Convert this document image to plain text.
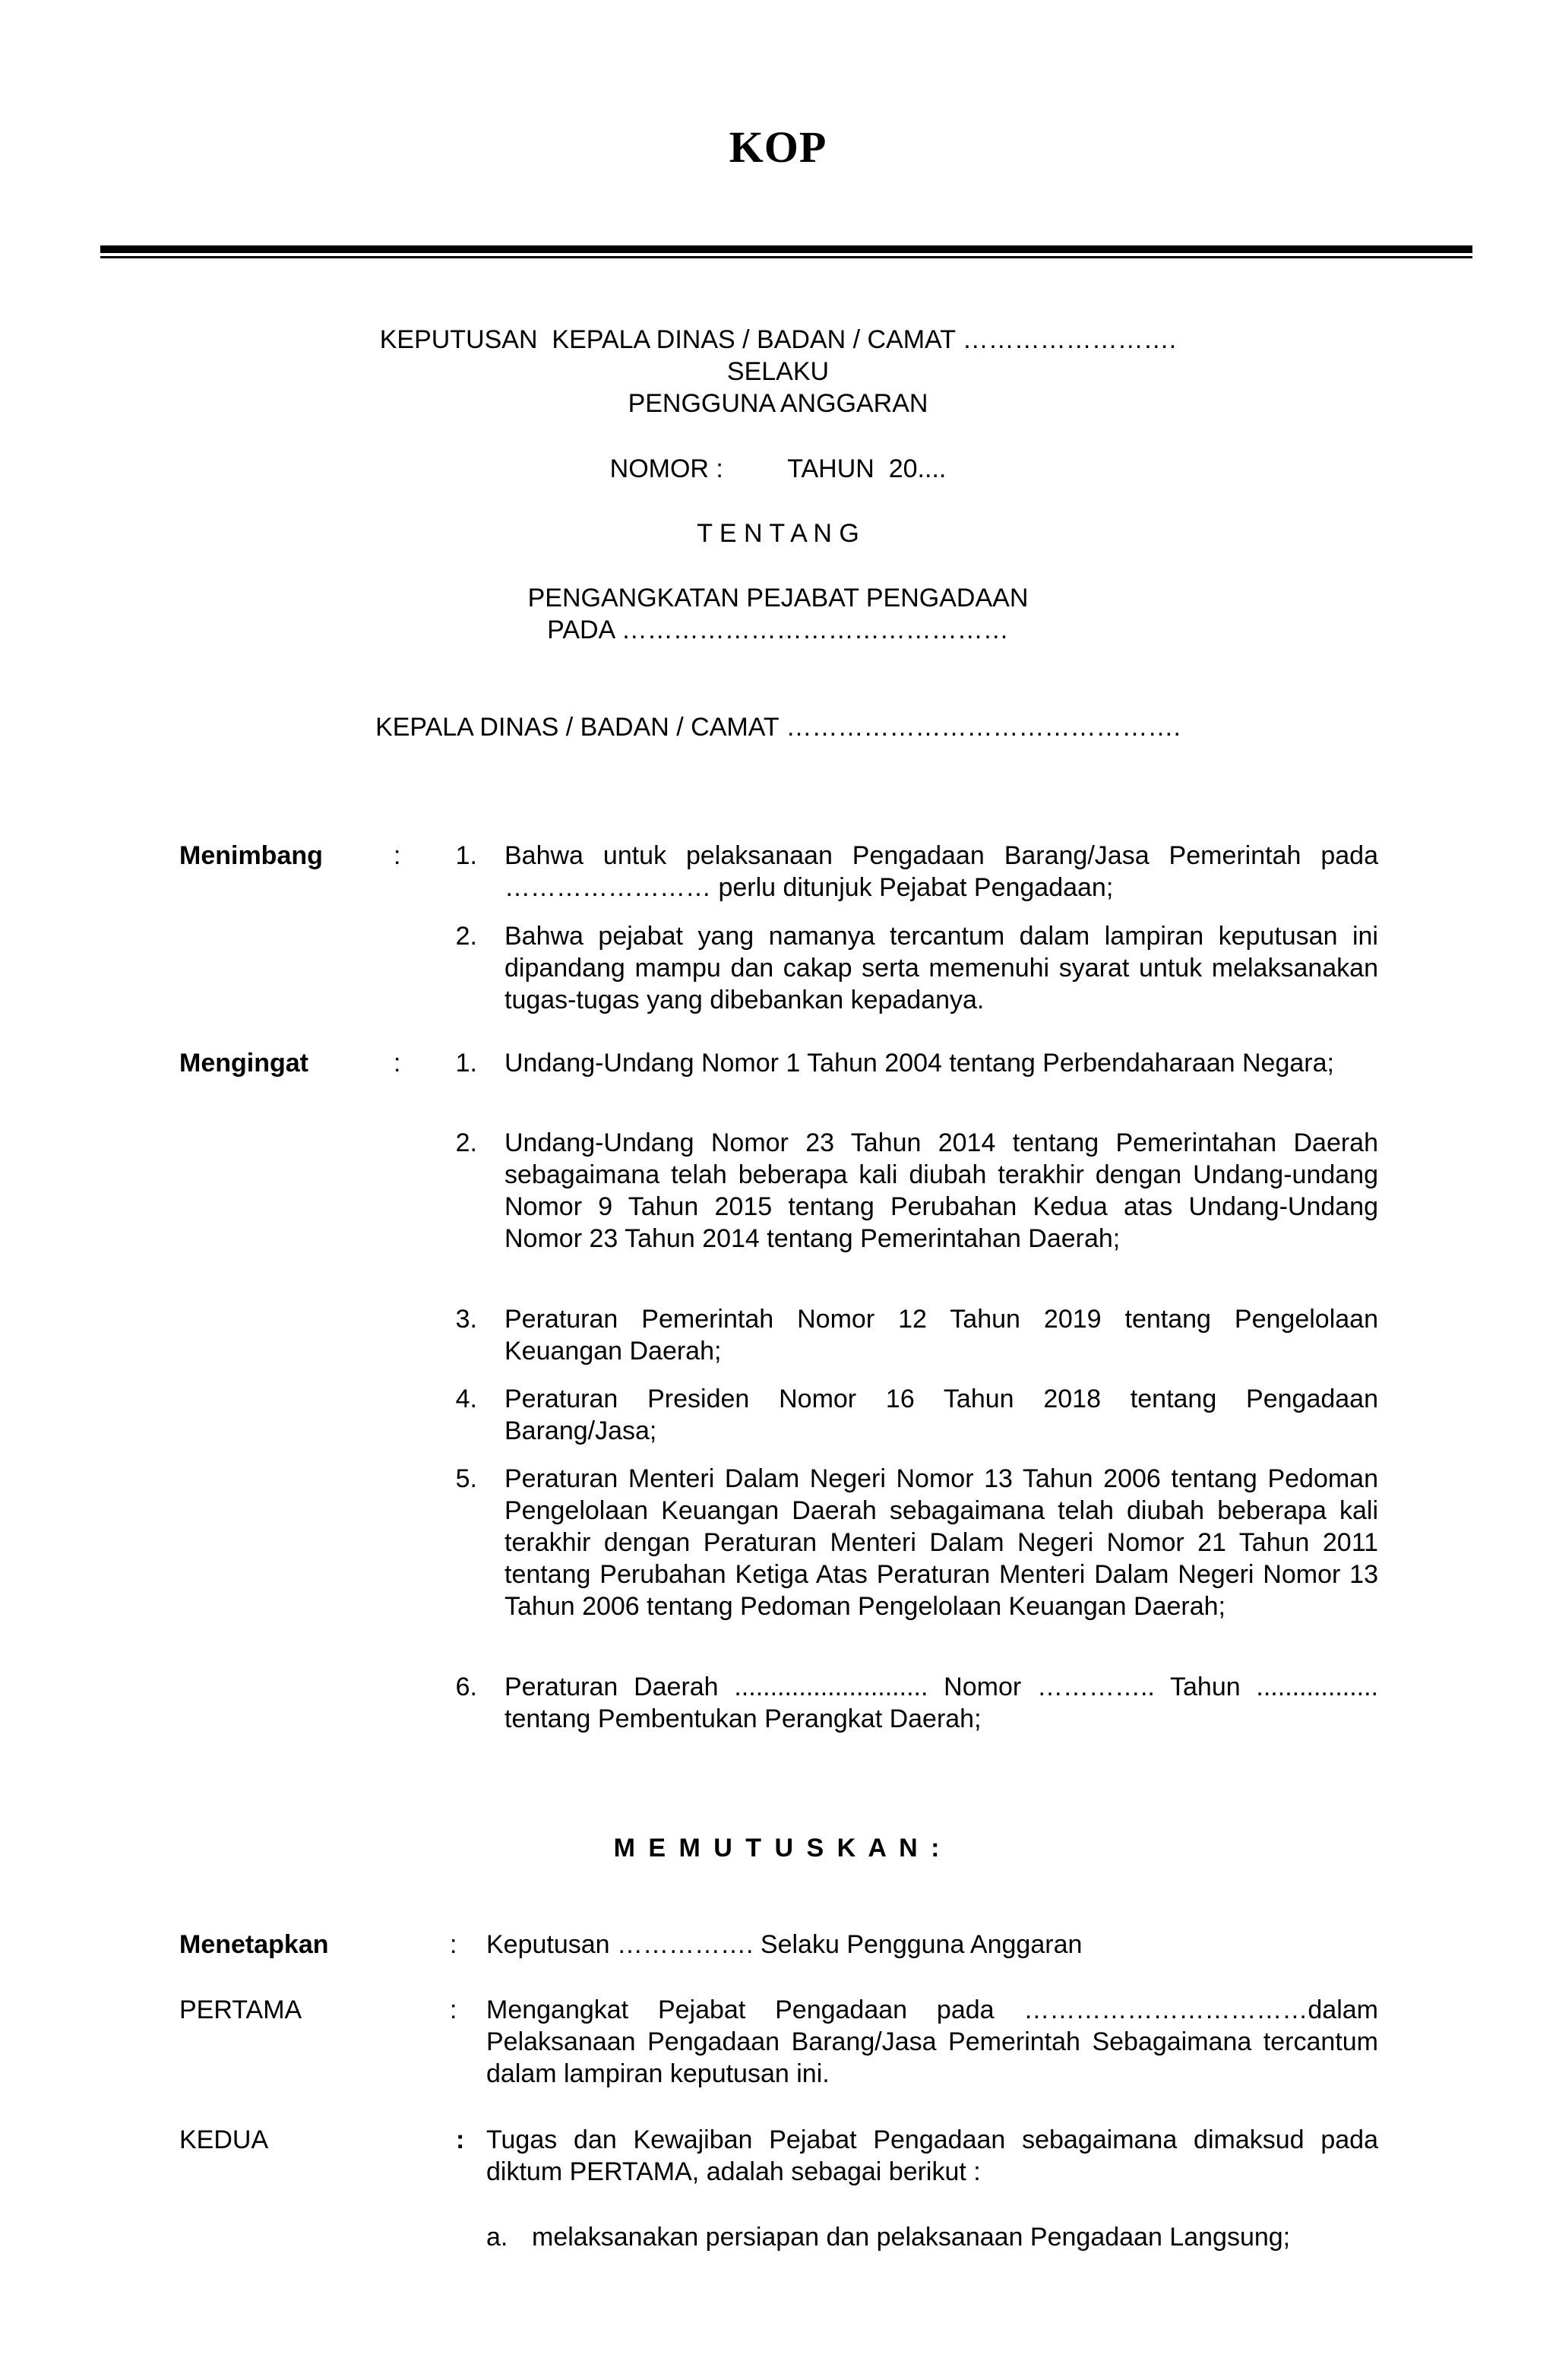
KOP
KEPUTUSAN  KEPALA DINAS / BADAN / CAMAT …………………….
SELAKU
PENGGUNA ANGGARAN
NOMOR :         TAHUN  20....
T E N T A N G
PENGANGKATAN PEJABAT PENGADAAN
PADA ………………………………………
KEPALA DINAS / BADAN / CAMAT ……………………………………….
Menimbang	:	1. Bahwa untuk pelaksanaan Pengadaan Barang/Jasa Pemerintah pada …………………… perlu ditunjuk Pejabat Pengadaan;
2. Bahwa pejabat yang namanya tercantum dalam lampiran keputusan ini dipandang mampu dan cakap serta memenuhi syarat untuk melaksanakan tugas-tugas yang dibebankan kepadanya.
Mengingat	:	1. Undang-Undang Nomor 1 Tahun 2004 tentang Perbendaharaan Negara;
2. Undang-Undang Nomor 23 Tahun 2014 tentang Pemerintahan Daerah sebagaimana telah beberapa kali diubah terakhir dengan Undang-undang Nomor 9 Tahun 2015 tentang Perubahan Kedua atas Undang-Undang Nomor 23 Tahun 2014 tentang Pemerintahan Daerah;
3. Peraturan Pemerintah Nomor 12 Tahun 2019 tentang Pengelolaan Keuangan Daerah;
4. Peraturan Presiden Nomor 16 Tahun 2018 tentang Pengadaan Barang/Jasa;
5. Peraturan Menteri Dalam Negeri Nomor 13 Tahun 2006 tentang Pedoman Pengelolaan Keuangan Daerah sebagaimana telah diubah beberapa kali terakhir dengan Peraturan Menteri Dalam Negeri Nomor 21 Tahun 2011 tentang Perubahan Ketiga Atas Peraturan Menteri Dalam Negeri Nomor 13 Tahun 2006 tentang Pedoman Pengelolaan Keuangan Daerah;
6. Peraturan Daerah ........................... Nomor ………….. Tahun ................. tentang Pembentukan Perangkat Daerah;
M E M U T U S K A N :
Menetapkan	: Keputusan ……………. Selaku Pengguna Anggaran
PERTAMA	: Mengangkat Pejabat Pengadaan pada ……………………………dalam Pelaksanaan Pengadaan Barang/Jasa Pemerintah Sebagaimana tercantum dalam lampiran keputusan ini.
KEDUA	: Tugas dan Kewajiban Pejabat Pengadaan sebagaimana dimaksud pada diktum PERTAMA, adalah sebagai berikut :
a. melaksanakan persiapan dan pelaksanaan Pengadaan Langsung;
